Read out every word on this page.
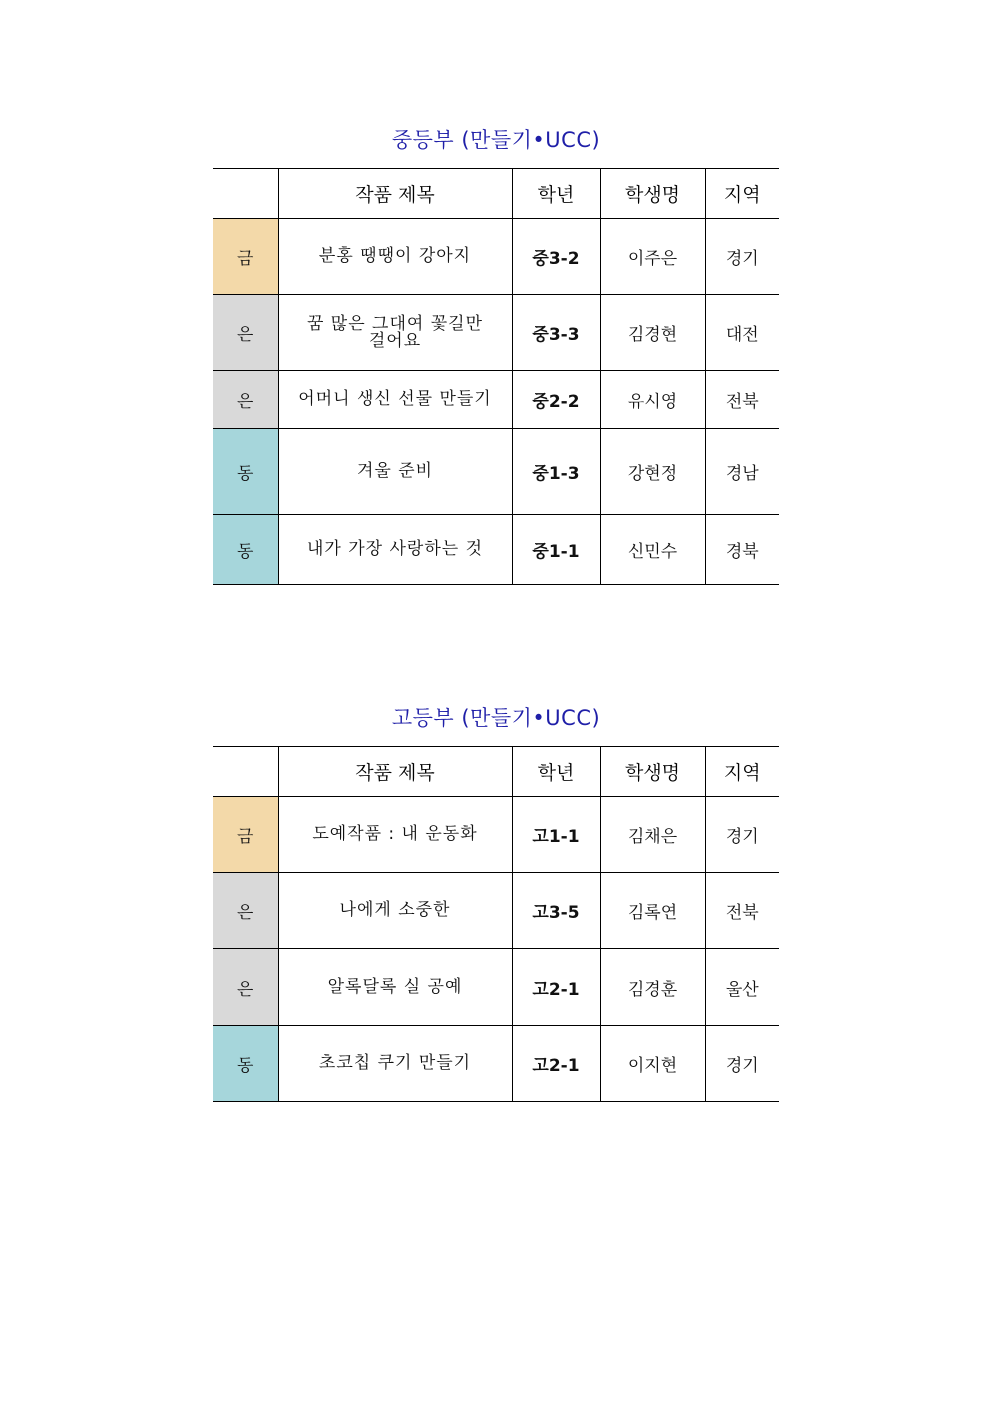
중등부 (만들기•UCC)
	작품 제목	학년	학생명	지역
금	분홍 땡땡이 강아지	중3-2	이주은	경기
은	꿈 많은 그대여 꽃길만 걸어요	중3-3	김경현	대전
은	어머니 생신 선물 만들기	중2-2	유시영	전북
동	겨울 준비	중1-3	강현정	경남
동	내가 가장 사랑하는 것	중1-1	신민수	경북
고등부 (만들기•UCC)
	작품 제목	학년	학생명	지역
금	도예작품 : 내 운동화	고1-1	김채은	경기
은	나에게 소중한	고3-5	김록연	전북
은	알록달록 실 공예	고2-1	김경훈	울산
동	초코칩 쿠기 만들기	고2-1	이지현	경기
